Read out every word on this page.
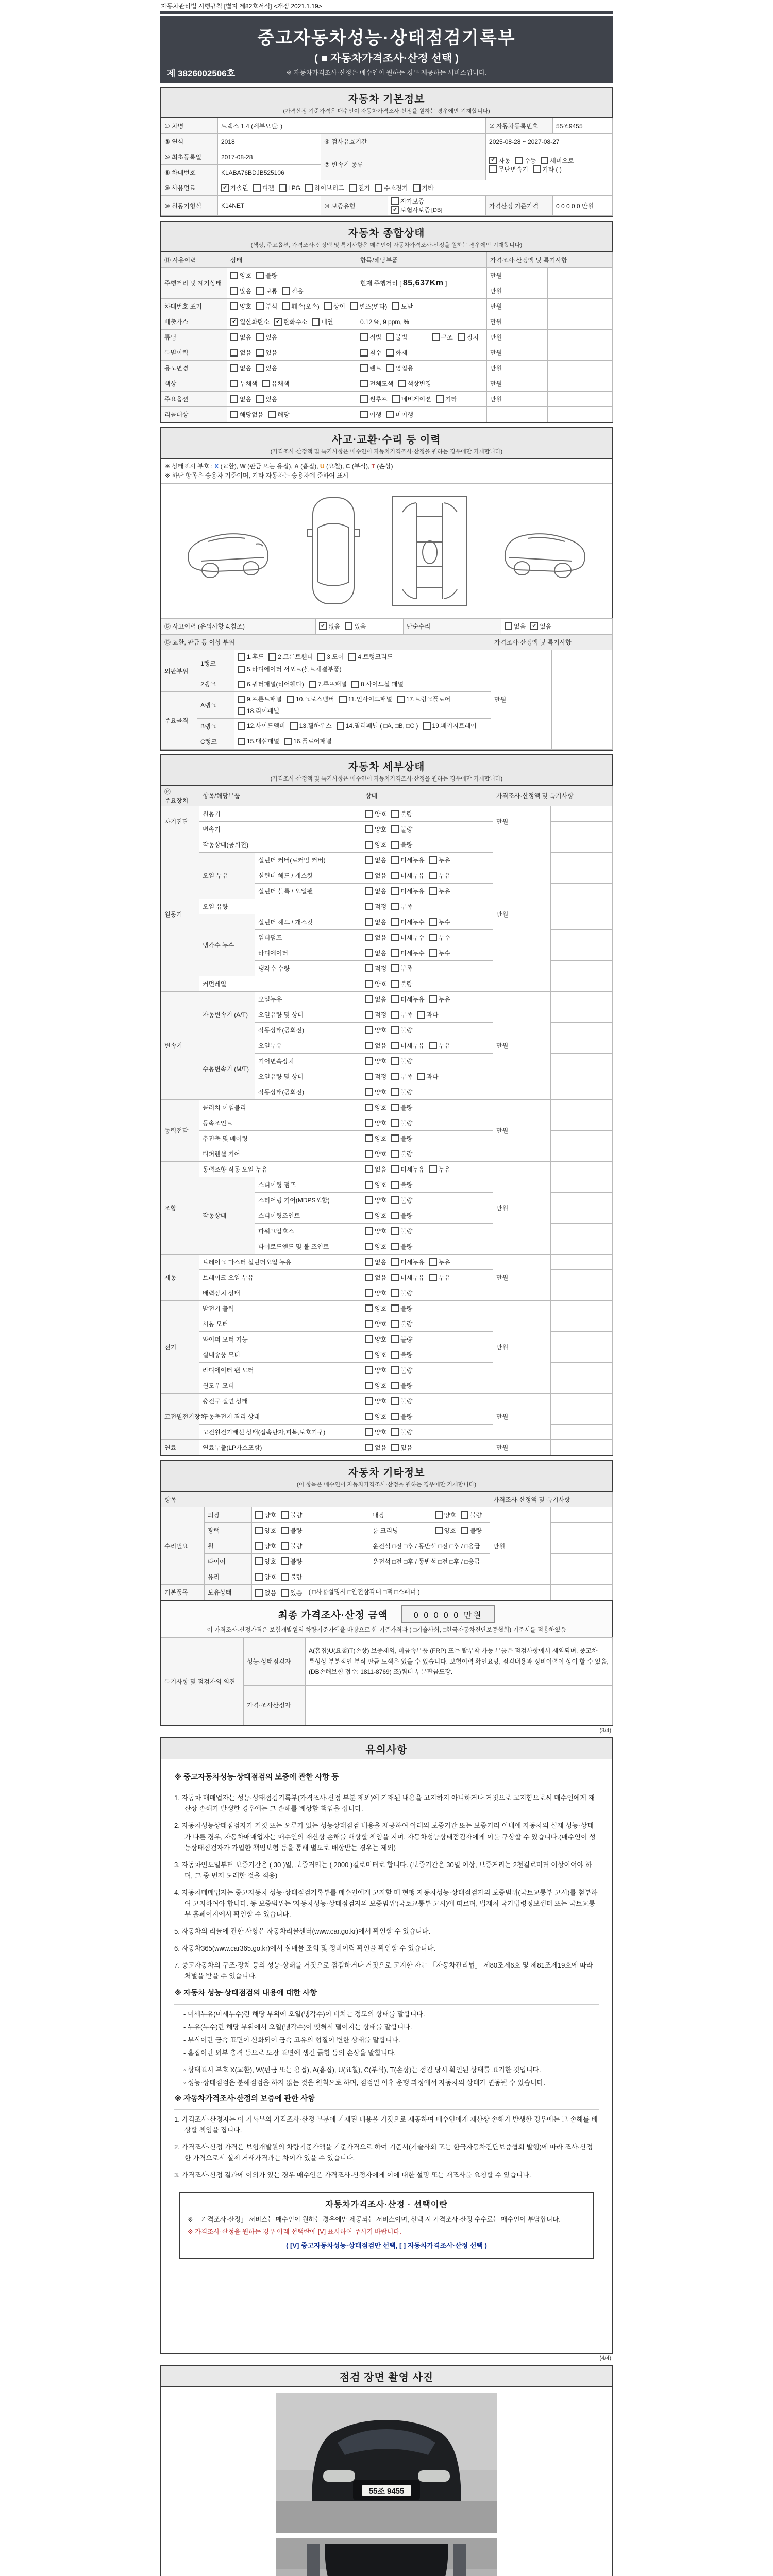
자동차관리법 시행규칙 [별지 제82호서식] <개정 2021.1.19>
중고자동차성능·상태점검기록부
( ■ 자동차가격조사·산정 선택 )
※ 자동차가격조사·산정은 매수인이 원하는 경우 제공하는 서비스입니다.
제 3826002506호
자동차 기본정보
(가격산정 기준가격은 매수인이 자동차가격조사·산정을 원하는 경우에만 기재합니다)
① 차명	트랙스 1.4 (세부모델: )			② 자동차등록번호	55조9455
③ 연식	2018	④ 검사유효기간		2025-08-28 ~ 2027-08-27	
⑤ 최초등록일	2017-08-28	⑦ 변속기 종류	
✔ 자동 수동 세미오토

무단변속기 기타 ( )

⑥ 차대번호	KLABA76BDJB525106				
⑧ 사용연료	✔ 가솔린 디젤 LPG 하이브리드 전기 수소전기 기타

⑨ 원동기형식	K14NET	⑩ 보증유형	자가보증
✔ 보험사보증 [DB]	가격산정 기준가격	0 0 0 0 0 만원
자동차 종합상태
(색상, 주요옵션, 가격조사·산정액 및 특기사항은 매수인이 자동차가격조사·산정을 원하는 경우에만 기재합니다)
⑪ 사용이력	상태	항목/해당부품	가격조사·산정액 및 특기사항	
주행거리 및 계기상태	양호 불량	현재 주행거리 [ 85,637Km ]	만원	

	많음 보통 적음		만원	
차대번호 표기	양호 부식 훼손(오손) 상이 변조(변타) 도말	만원	
배출가스	✔ 일산화탄소 ✔ 탄화수소 매연	0.12 %, 9 ppm, %	만원	
튜닝	없음 있음	적법 불법 구조 장치	만원	
특별이력	없음 있음	침수 화재	만원	
용도변경	없음 있음	렌트 영업용	만원	
색상	무채색 유채색	전체도색 색상변경	만원	
주요옵션	없음 있음	썬루프 네비게이션 기타	만원	
리콜대상	해당없음 해당	이행 미이행		

사고·교환·수리 등 이력
(가격조사·산정액 및 특기사항은 매수인이 자동차가격조사·산정을 원하는 경우에만 기재합니다)
※ 상태표시 부호 : X (교환), W (판금 또는 용접), A (흠집), U (요철), C (부식), T (손상)
※ 하단 항목은 승용차 기준이며, 기타 자동차는 승용차에 준하여 표시
⑫ 사고이력 (유의사항 4.참조)	✔ 없음 있음	단순수리	없음	✔ 있음
⑬ 교환, 판금 등 이상 부위			가격조사·산정액 및 특기사항	
외판부위	1랭크	1.후드 2.프론트휀더 3.도어 4.트렁크리드
5.라디에이터 서포트(볼트체결부품)	만원	
	2랭크	6.쿼터패널(리어휀다) 7.루프패널 8.사이드실 패널		

주요골격	A랭크	9.프론트패널 10.크로스멤버 11.인사이드패널 17.트렁크플로어
18.리어패널		

	B랭크	12.사이드멤버 13.휠하우스 14.필러패널 ( □A, □B, □C ) 19.패키지트레이		

	C랭크	15.대쉬패널 16.플로어패널		
자동차 세부상태
(가격조사·산정액 및 특기사항은 매수인이 자동차가격조사·산정을 원하는 경우에만 기재합니다)
⑭ 주요장치	항목/해당부품		상태	가격조사·산정액 및 특기사항	
자기진단	원동기		양호 불량	만원	
	변속기		양호 불량		

원동기	작동상태(공회전)		양호 불량	만원	
	오일 누유	실린더 커버(로커암 커버)	없음 미세누유 누유		

		실린더 헤드 / 개스킷	없음 미세누유 누유		

		실린더 블록 / 오일팬	없음 미세누유 누유		

	오일 유량		적정 부족		

	냉각수 누수	실린더 헤드 / 개스킷	없음 미세누수 누수		

		워터펌프	없음 미세누수 누수		

		라디에이터	없음 미세누수 누수		

		냉각수 수량	적정 부족		

	커먼레일		양호 불량		

변속기	자동변속기 (A/T)	오일누유	없음 미세누유 누유	만원	
		오일유량 및 상태	적정 부족 과다		

		작동상태(공회전)	양호 불량		

	수동변속기 (M/T)	오일누유	없음 미세누유 누유		

		기어변속장치	양호 불량		

		오일유량 및 상태	적정 부족 과다		

		작동상태(공회전)	양호 불량		

동력전달	클러치 어셈블리		양호 불량	만원	
	등속조인트		양호 불량		

	추진축 및 베어링		양호 불량		

	디퍼렌셜 기어		양호 불량		

조향	동력조향 작동 오일 누유		없음 미세누유 누유	만원	
	작동상태	스티어링 펌프	양호 불량		

		스티어링 기어(MDPS포함)	양호 불량		

		스티어링조인트	양호 불량		

		파워고압호스	양호 불량		

		타이로드엔드 및 볼 조인트	양호 불량		

제동	브레이크 마스터 실린더오일 누유		없음 미세누유 누유	만원	
	브레이크 오일 누유		없음 미세누유 누유		

	배력장치 상태		양호 불량		

전기	발전기 출력		양호 불량	만원	
	시동 모터		양호 불량		

	와이퍼 모터 기능		양호 불량		

	실내송풍 모터		양호 불량		

	라디에이터 팬 모터		양호 불량		

	윈도우 모터		양호 불량		

고전원전기장치	충전구 절연 상태		양호 불량	만원	
	구동축전지 격리 상태		양호 불량		

	고전원전기배선 상태(접속단자,피복,보호기구)		양호 불량		

연료	연료누출(LP가스포함)		없음 있음	만원	
자동차 기타정보
(이 항목은 매수인이 자동차가격조사·산정을 원하는 경우에만 기재합니다)
항목				가격조사·산정액 및 특기사항	
수리필요	외장	양호 불량	내장 양호 불량	만원	
	광택	양호 불량	룸 크리닝 양호 불량		

	휠	양호 불량	운전석 □전 □후 / 동반석 □전 □후 / □응급		
	타이어	양호 불량	운전석 □전 □후 / 동반석 □전 □후 / □응급		
	유리	양호 불량			

기본품목	보유상태	없음 있음 ( □사용설명서 □안전삼각대 □잭 □스패너 )			
최종 가격조사·산정 금액	0 0 0 0 0 만원
이 가격조사·산정가격은 보험개발원의 차량기준가액을 바탕으로 한 기준가격과 ( □기술사회, □한국자동차진단보증협회) 기준서를 적용하였음
특기사항 및 점검자의 의견	성능·상태점검자	A(흠집)U(요철)T(손상) 보증제외, 비금속부품 (FRP) 또는 탈부착 가능 부품은 점검사항에서 제외되며, 중고차 특성상 부분적인 부식 판금 도색은 있을 수 있습니다. 보험이력 확인요망, 점검내용과 정비이력이 상이 할 수 있음, (DB손해보험 접수: 1811-8769) 조)쿼터 부분판금도장.
	가격·조사산정자	
(3/4)
유의사항
※ 중고자동차성능·상태점검의 보증에 관한 사항 등

1. 자동차 매매업자는 성능·상태점검기록부(가격조사·산정 부분 제외)에 기재된 내용을 고지하지 아니하거나 거짓으로 고지함으로써 매수인에게 재산상 손해가 발생한 경우에는 그 손해를 배상할 책임을 집니다.

2. 자동차성능상태점검자가 거짓 또는 오류가 있는 성능상태점검 내용을 제공하여 아래의 보증기간 또는 보증거리 이내에 자동차의 실제 성능·상태가 다른 경우, 자동차매매업자는 매수인의 재산상 손해를 배상할 책임을 지며, 자동차성능상태점검자에게 이를 구상할 수 있습니다.(매수인이 성능상태점검자가 가입한 책임보험 등을 통해 별도로 배상받는 경우는 제외)

3. 자동차인도일부터 보증기간은 ( 30 )일, 보증거리는 ( 2000 )킬로미터로 합니다. (보증기간은 30일 이상, 보증거리는 2천킬로미터 이상이어야 하며, 그 중 먼저 도래한 것을 적용)

4. 자동차매매업자는 중고자동차 성능·상태점검기록부를 매수인에게 고지할 때 현행 자동차성능·상태점검자의 보증범위(국토교통부 고시)를 첨부하여 고지하여야 합니다. 동 보증범위는 '자동차성능·상태점검자의 보증범위'(국토교통부 고시)에 따르며, 법제처 국가법령정보센터 또는 국토교통부 홈페이지에서 확인할 수 있습니다.

5. 자동차의 리콜에 관한 사항은 자동차리콜센터(www.car.go.kr)에서 확인할 수 있습니다.

6. 자동차365(www.car365.go.kr)에서 실매물 조회 및 정비이력 확인을 확인할 수 있습니다.

7. 중고자동차의 구조·장치 등의 성능·상태를 거짓으로 점검하거나 거짓으로 고지한 자는 「자동차관리법」 제80조제6호 및 제81조제19호에 따라 처벌을 받을 수 있습니다.

※ 자동차 성능·상태점검의 내용에 대한 사항

- 미세누유(미세누수)란 해당 부위에 오일(냉각수)이 비치는 정도의 상태를 말합니다.

- 누유(누수)란 해당 부위에서 오일(냉각수)이 맺혀서 떨어지는 상태를 말합니다.

- 부식이란 금속 표면이 산화되어 금속 고유의 형질이 변한 상태를 말합니다.

- 흠집이란 외부 충격 등으로 도장 표면에 생긴 긁힘 등의 손상을 말합니다.

◦ 상태표시 부호 X(교환), W(판금 또는 용접), A(흠집), U(요철), C(부식), T(손상)는 점검 당시 확인된 상태를 표기한 것입니다.

◦ 성능·상태점검은 분해점검을 하지 않는 것을 원칙으로 하며, 점검일 이후 운행 과정에서 자동차의 상태가 변동될 수 있습니다.

※ 자동차가격조사·산정의 보증에 관한 사항

1. 가격조사·산정자는 이 기록부의 가격조사·산정 부분에 기재된 내용을 거짓으로 제공하여 매수인에게 재산상 손해가 발생한 경우에는 그 손해를 배상할 책임을 집니다.

2. 가격조사·산정 가격은 보험개발원의 차량기준가액을 기준가격으로 하여 기준서(기술사회 또는 한국자동차진단보증협회 발행)에 따라 조사·산정한 가격으로서 실제 거래가격과는 차이가 있을 수 있습니다.

3. 가격조사·산정 결과에 이의가 있는 경우 매수인은 가격조사·산정자에게 이에 대한 설명 또는 재조사를 요청할 수 있습니다.

자동차가격조사·산정 · 선택이란
※ 「가격조사·산정」 서비스는 매수인이 원하는 경우에만 제공되는 서비스이며, 선택 시 가격조사·산정 수수료는 매수인이 부담합니다.
※ 가격조사·산정을 원하는 경우 아래 선택란에 [V] 표시하여 주시기 바랍니다.
( [V] 중고자동차성능·상태점검만 선택, [ ] 자동차가격조사·산정 선택 )
(4/4)
점검 장면 촬영 사진
55조 9455
